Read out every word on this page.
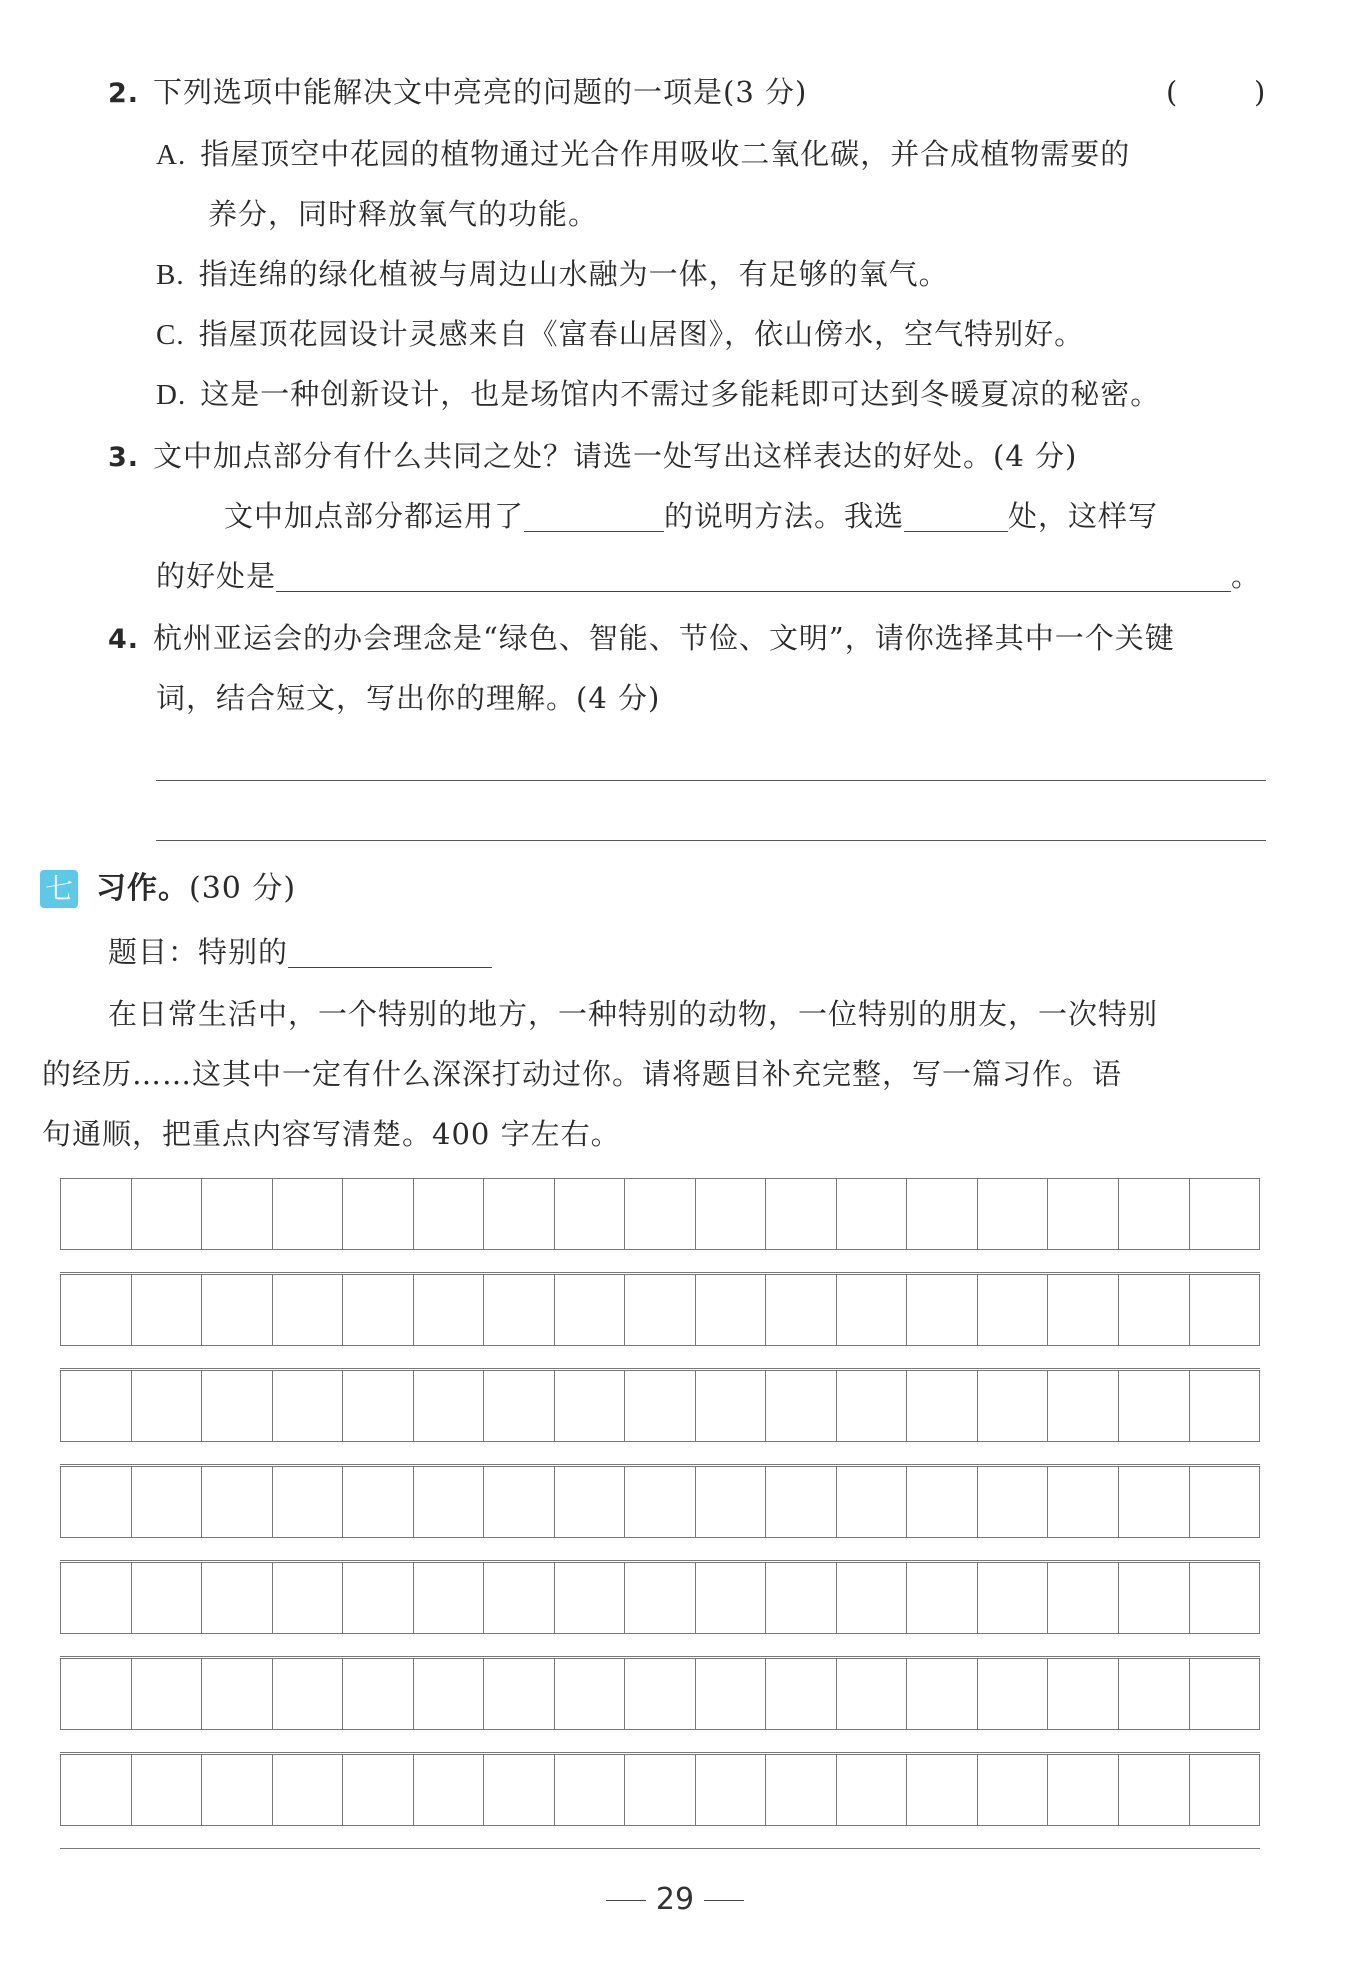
2. 下列选项中能解决文中亮亮的问题的一项是(3 分)	(	)
A. 指屋顶空中花园的植物通过光合作用吸收二氧化碳，并合成植物需要的
养分，同时释放氧气的功能。
B. 指连绵的绿化植被与周边山水融为一体，有足够的氧气。
C. 指屋顶花园设计灵感来自《富春山居图》，依山傍水，空气特别好。
D. 这是一种创新设计，也是场馆内不需过多能耗即可达到冬暖夏凉的秘密。
3. 文中加点部分有什么共同之处？请选一处写出这样表达的好处。(4 分)
文中加点部分都运用了	的说明方法。我选	处，这样写
的好处是	。
4. 杭州亚运会的办会理念是“绿色、智能、节俭、文明”，请你选择其中一个关键
词，结合短文，写出你的理解。(4 分)
七 习作。(30 分)
题目：特别的
在日常生活中，一个特别的地方，一种特别的动物，一位特别的朋友，一次特别
的经历……这其中一定有什么深深打动过你。请将题目补充完整，写一篇习作。语
句通顺，把重点内容写清楚。400 字左右。
29
